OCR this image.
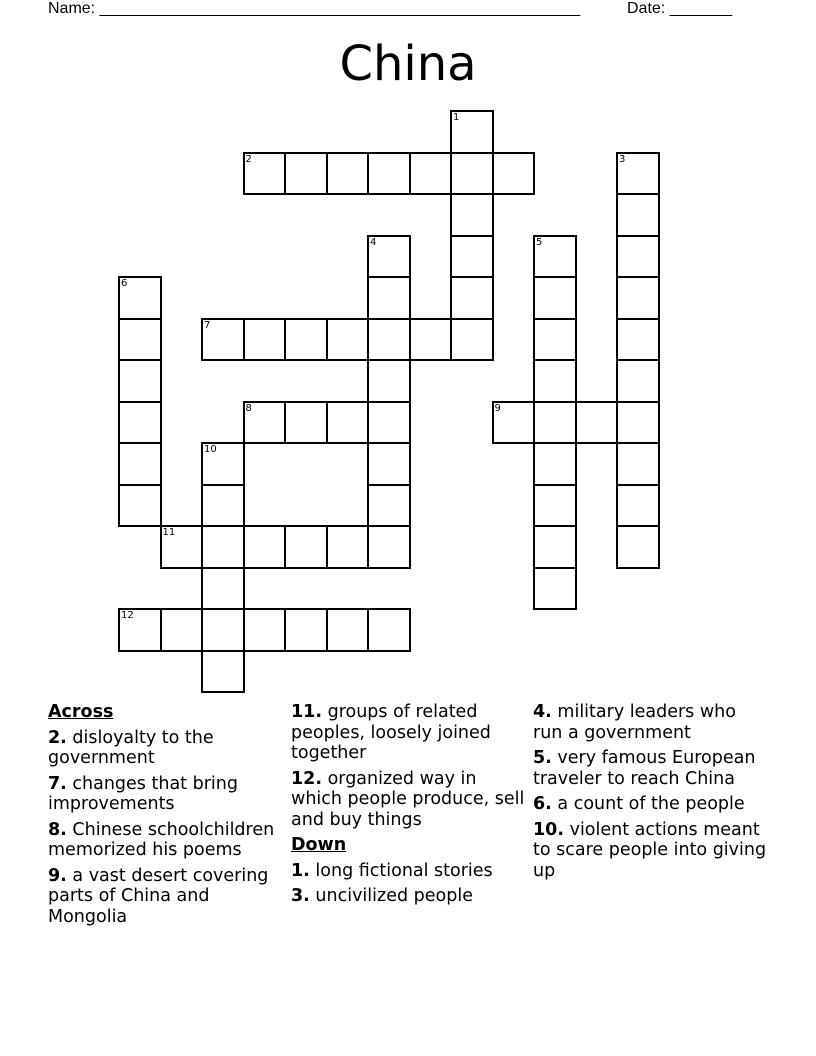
Name: ______________________________________________________	Date: _______
China
1
2	3
4	5
6
7
8	9
10
11
12
Across
2. disloyalty to the government
7. changes that bring improvements
8. Chinese schoolchildren memorized his poems
9. a vast desert covering parts of China and Mongolia
11. groups of related peoples, loosely joined together
12. organized way in which people produce, sell and buy things
Down
1. long fictional stories
3. uncivilized people
4. military leaders who run a government
5. very famous European traveler to reach China
6. a count of the people
10. violent actions meant to scare people into giving up
